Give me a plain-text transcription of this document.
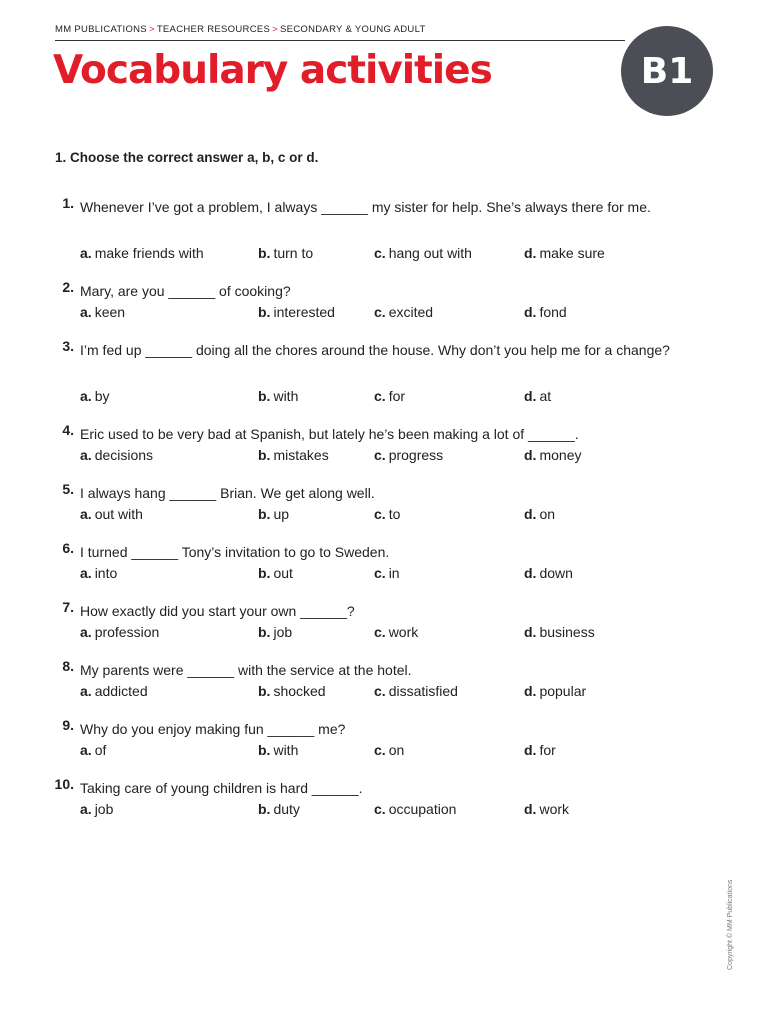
MM PUBLICATIONS > TEACHER RESOURCES > SECONDARY & YOUNG ADULT
Vocabulary activities	B1
1. Choose the correct answer a, b, c or d.
1. Whenever I’ve got a problem, I always ______ my sister for help. She’s always there for me.
a. make friends with	b. turn to	c. hang out with	d. make sure
2. Mary, are you ______ of cooking?
a. keen	b. interested	c. excited	d. fond
3. I’m fed up ______ doing all the chores around the house. Why don’t you help me for a change?
a. by	b. with	c. for	d. at
4. Eric used to be very bad at Spanish, but lately he’s been making a lot of ______.
a. decisions	b. mistakes	c. progress	d. money
5. I always hang ______ Brian. We get along well.
a. out with	b. up	c. to	d. on
6. I turned ______ Tony’s invitation to go to Sweden.
a. into	b. out	c. in	d. down
7. How exactly did you start your own ______?
a. profession	b. job	c. work	d. business
8. My parents were ______ with the service at the hotel.
a. addicted	b. shocked	c. dissatisfied	d. popular
9. Why do you enjoy making fun ______ me?
a. of	b. with	c. on	d. for
10. Taking care of young children is hard ______.
a. job	b. duty	c. occupation	d. work
Copyright © MM Publications
